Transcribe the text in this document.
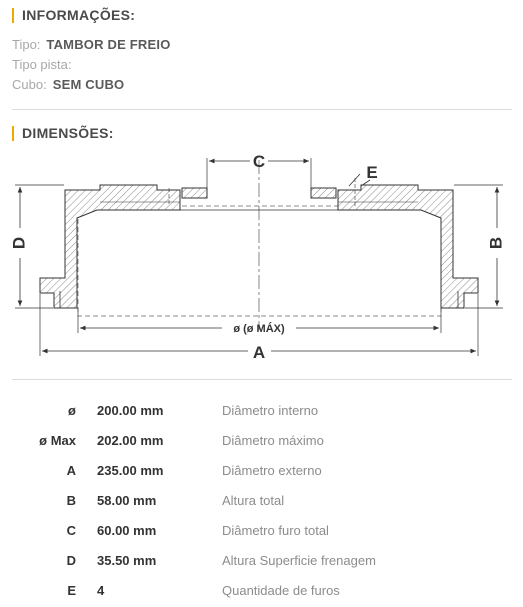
INFORMAÇÕES:
Tipo: TAMBOR DE FREIO
Tipo pista:
Cubo: SEM CUBO
DIMENSÕES:
C
E
D	B
ø (ø MÁX)
A
ø 200.00 mm	Diâmetro interno
ø Max 202.00 mm	Diâmetro máximo
A 235.00 mm	Diâmetro externo
B 58.00 mm	Altura total
C 60.00 mm	Diâmetro furo total
D 35.50 mm	Altura Superficie frenagem
E 4	Quantidade de furos
